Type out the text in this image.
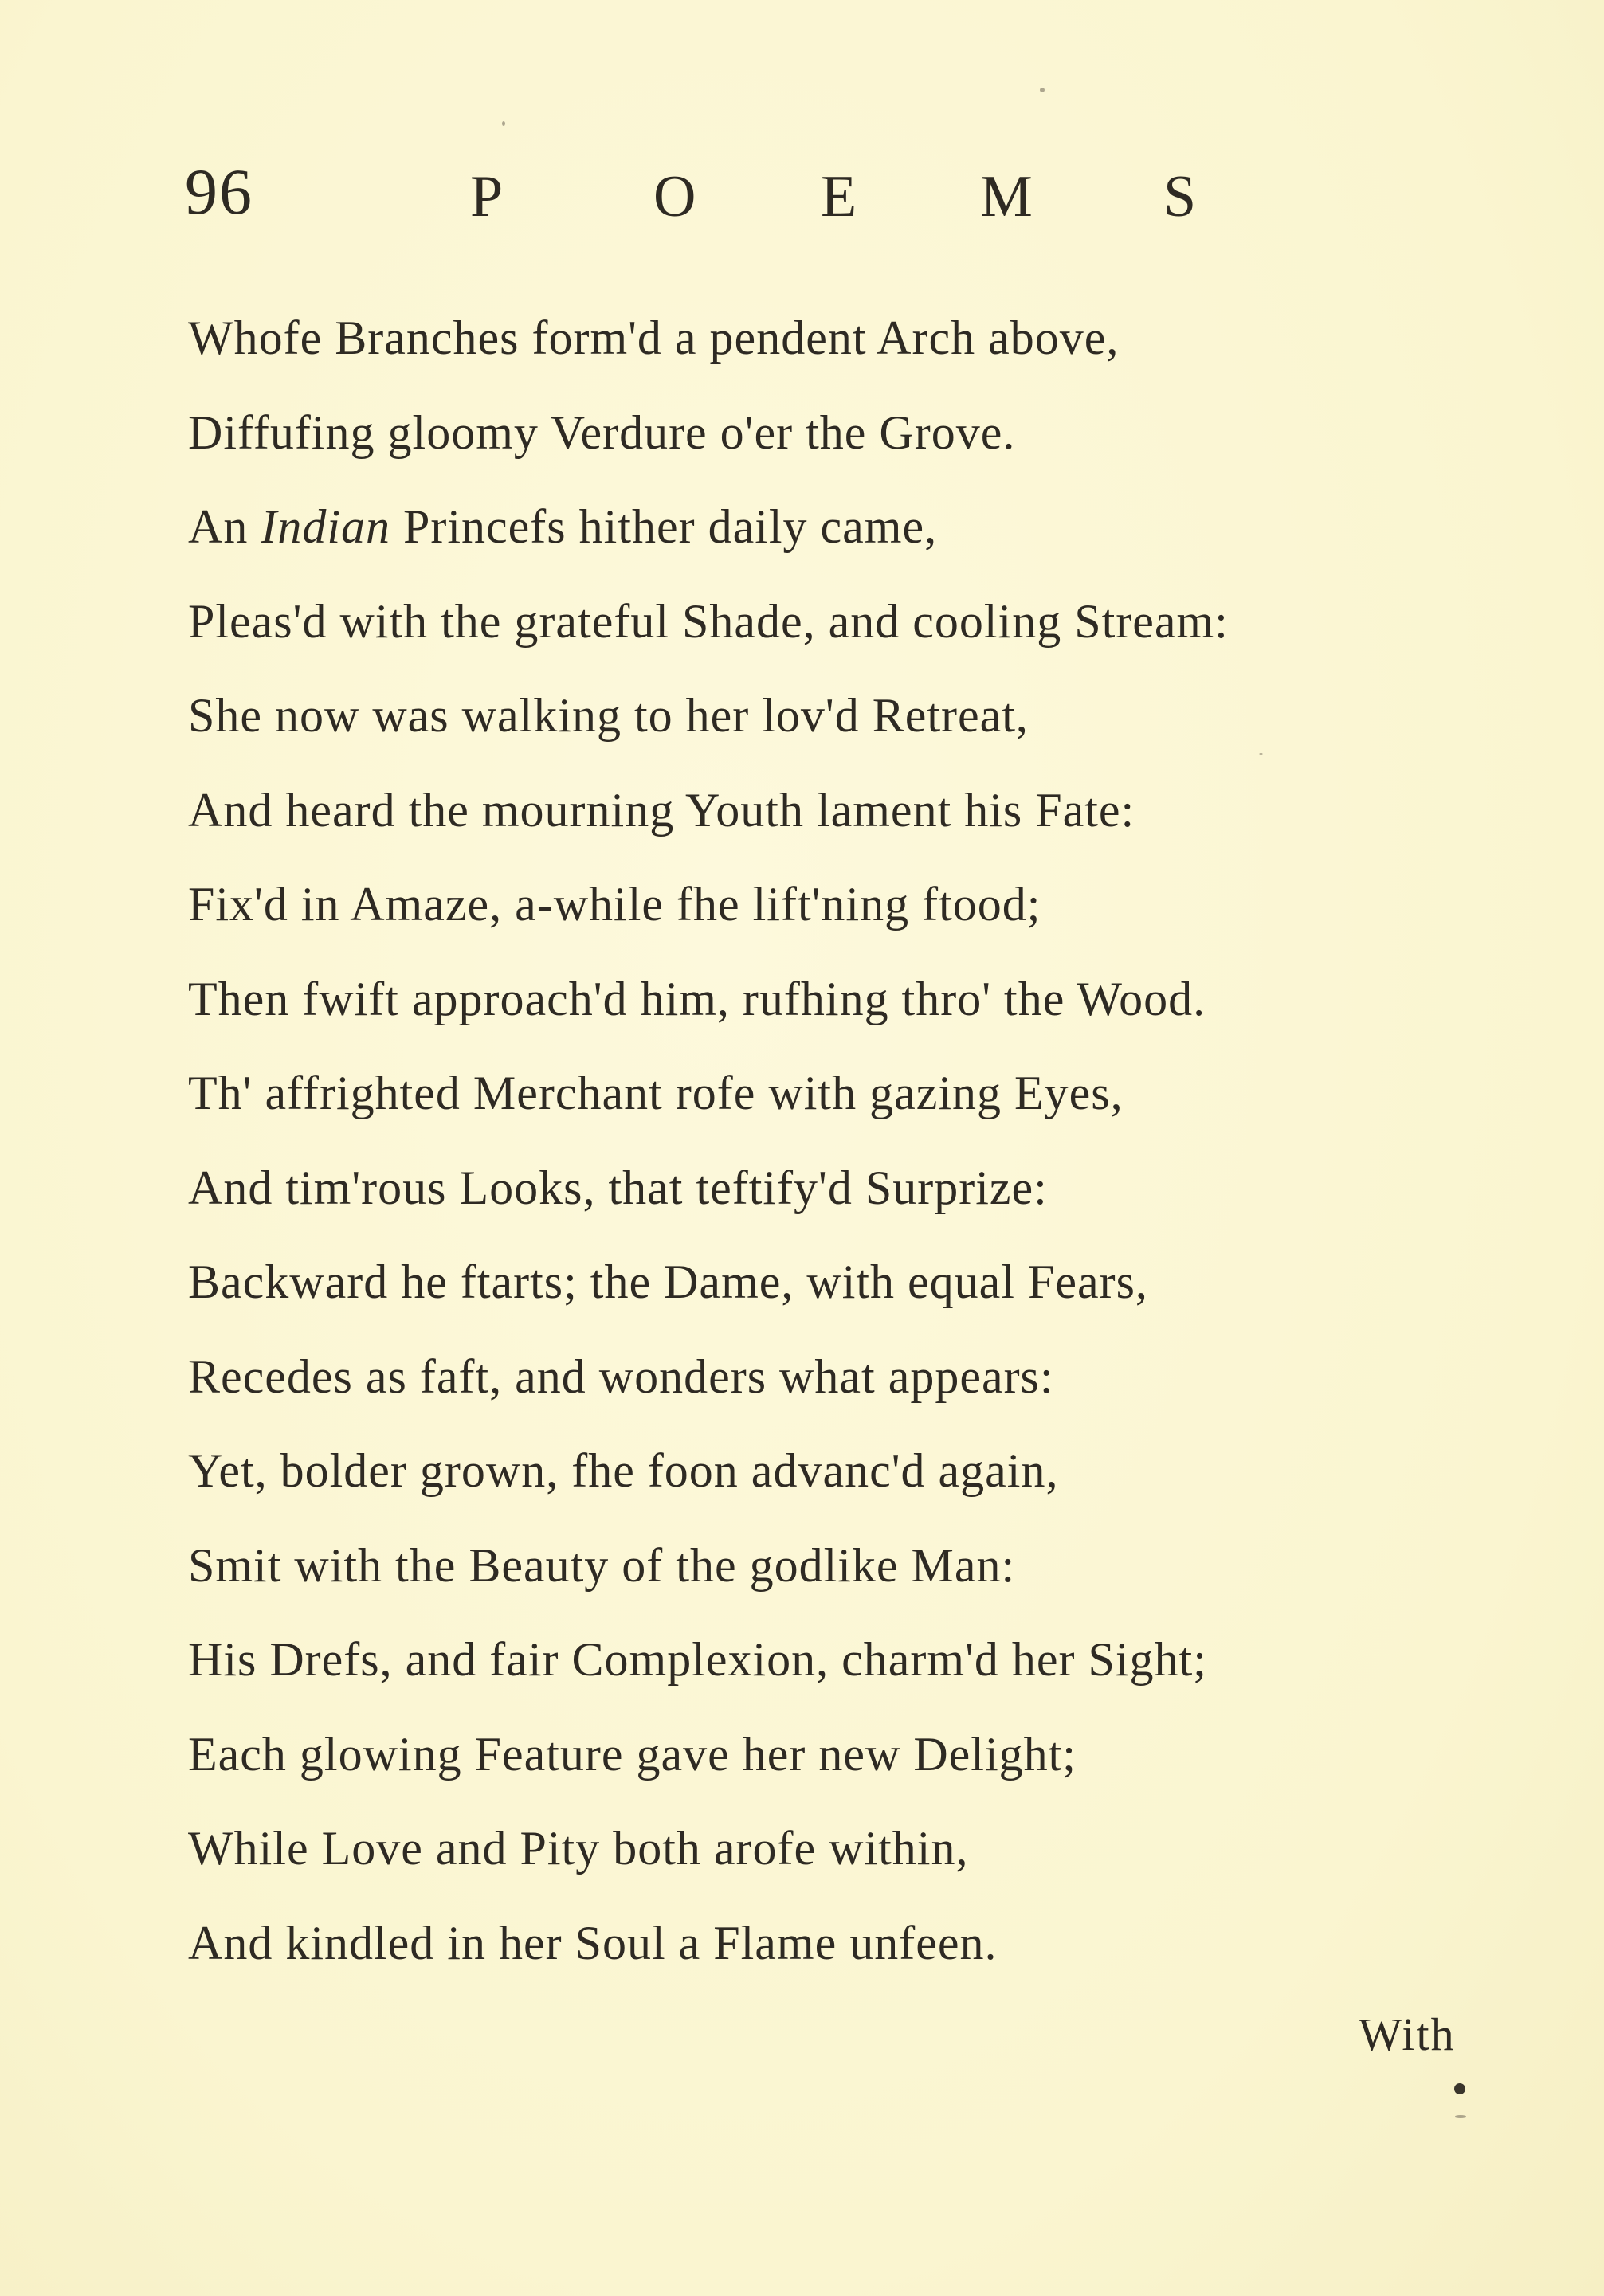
96	P	O E M S
Whofe Branches form'd a pendent Arch above,
Diffufing gloomy Verdure o'er the Grove.
An Indian Princefs hither daily came,
Pleas'd with the grateful Shade, and cooling Stream:
She now was walking to her lov'd Retreat,
And heard the mourning Youth lament his Fate:
Fix'd in Amaze, a-while fhe lift'ning ftood;
Then fwift approach'd him, rufhing thro' the Wood.
Th' affrighted Merchant rofe with gazing Eyes,
And tim'rous Looks, that teftify'd Surprize:
Backward he ftarts; the Dame, with equal Fears,
Recedes as faft, and wonders what appears:
Yet, bolder grown, fhe foon advanc'd again,
Smit with the Beauty of the godlike Man:
His Drefs, and fair Complexion, charm'd her Sight;
Each glowing Feature gave her new Delight;
While Love and Pity both arofe within,
And kindled in her Soul a Flame unfeen.
With
